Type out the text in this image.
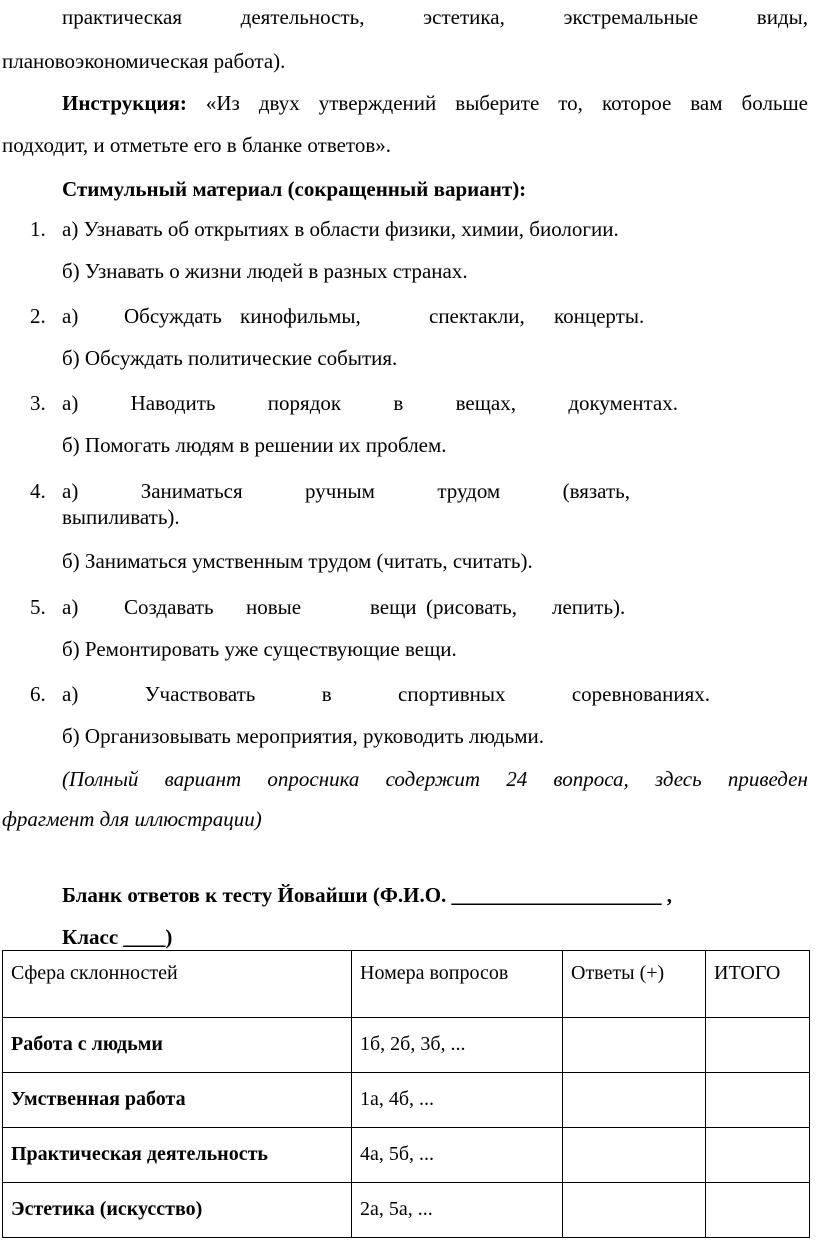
практическая	деятельность,	эстетика,	экстремальные	виды,
плановоэкономическая работа).
Инструкция: «Из двух утверждений выберите то, которое вам больше
подходит, и отметьте его в бланке ответов».
Стимульный материал (сокращенный вариант):
1. а) Узнавать об открытиях в области физики, химии, биологии.
б) Узнавать о жизни людей в разных странах.
2. а) Обсуждать кинофильмы,	спектакли, концерты.
б) Обсуждать политические события.
3. а) Наводить порядок в вещах, документах.
б) Помогать людям в решении их проблем.
4. а)	Заниматься	ручным	трудом	(вязать,
выпиливать).
б) Заниматься умственным трудом (читать, считать).
5. а) Создавать новые	вещи (рисовать, лепить).
б) Ремонтировать уже существующие вещи.
6. а)	Участвовать	в	спортивных	соревнованиях.
б) Организовывать мероприятия, руководить людьми.
(Полный вариант опросника содержит 24 вопроса, здесь приведен
фрагмент для иллюстрации)
Бланк ответов к тесту Йовайши (Ф.И.О. ____________________ ,
Класс ____)
Сфера склонностей	Номера вопросов	Ответы (+)	ИТОГО
Работа с людьми	1б, 2б, 3б, ...		
Умственная работа	1а, 4б, ...		
Практическая деятельность	4а, 5б, ...		
Эстетика (искусство)	2а, 5а, ...		
